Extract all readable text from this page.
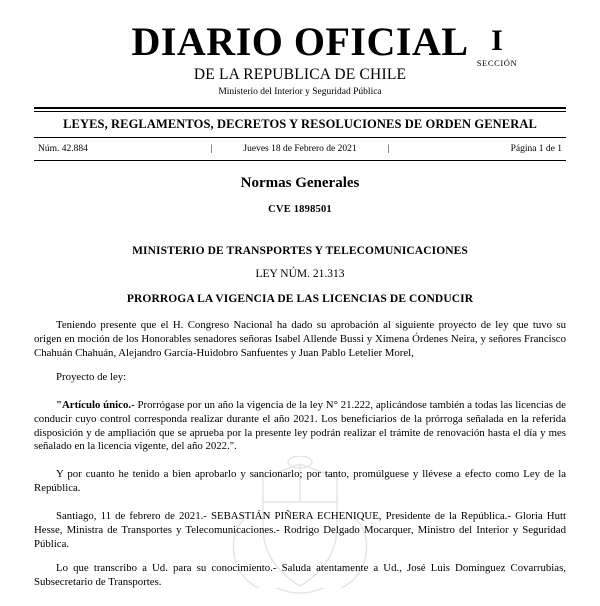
DIARIO OFICIAL
DE LA REPUBLICA DE CHILE
Ministerio del Interior y Seguridad Pública
I
SECCIÓN
LEYES, REGLAMENTOS, DECRETOS Y RESOLUCIONES DE ORDEN GENERAL
Núm. 42.884	|	Jueves 18 de Febrero de 2021	|	Página 1 de 1
Normas Generales
CVE 1898501
MINISTERIO DE TRANSPORTES Y TELECOMUNICACIONES
LEY NÚM. 21.313
PRORROGA LA VIGENCIA DE LAS LICENCIAS DE CONDUCIR

Teniendo presente que el H. Congreso Nacional ha dado su aprobación al siguiente proyecto de ley que tuvo su origen en moción de los Honorables senadores señoras Isabel Allende Bussi y Ximena Órdenes Neira, y señores Francisco Chahuán Chahuán, Alejandro García-Huidobro Sanfuentes y Juan Pablo Letelier Morel,

Proyecto de ley:

"Artículo único.- Prorrógase por un año la vigencia de la ley N° 21.222, aplicándose también a todas las licencias de conducir cuyo control corresponda realizar durante el año 2021. Los beneficiarios de la prórroga señalada en la referida disposición y de ampliación que se aprueba por la presente ley podrán realizar el trámite de renovación hasta el día y mes señalado en la licencia vigente, del año 2022.".

Y por cuanto he tenido a bien aprobarlo y sancionarlo; por tanto, promúlguese y llévese a efecto como Ley de la República.

Santiago, 11 de febrero de 2021.- SEBASTIÁN PIÑERA ECHENIQUE, Presidente de la República.- Gloria Hutt Hesse, Ministra de Transportes y Telecomunicaciones.- Rodrigo Delgado Mocarquer, Ministro del Interior y Seguridad Pública.

Lo que transcribo a Ud. para su conocimiento.- Saluda atentamente a Ud., José Luis Domínguez Covarrubias, Subsecretario de Transportes.
